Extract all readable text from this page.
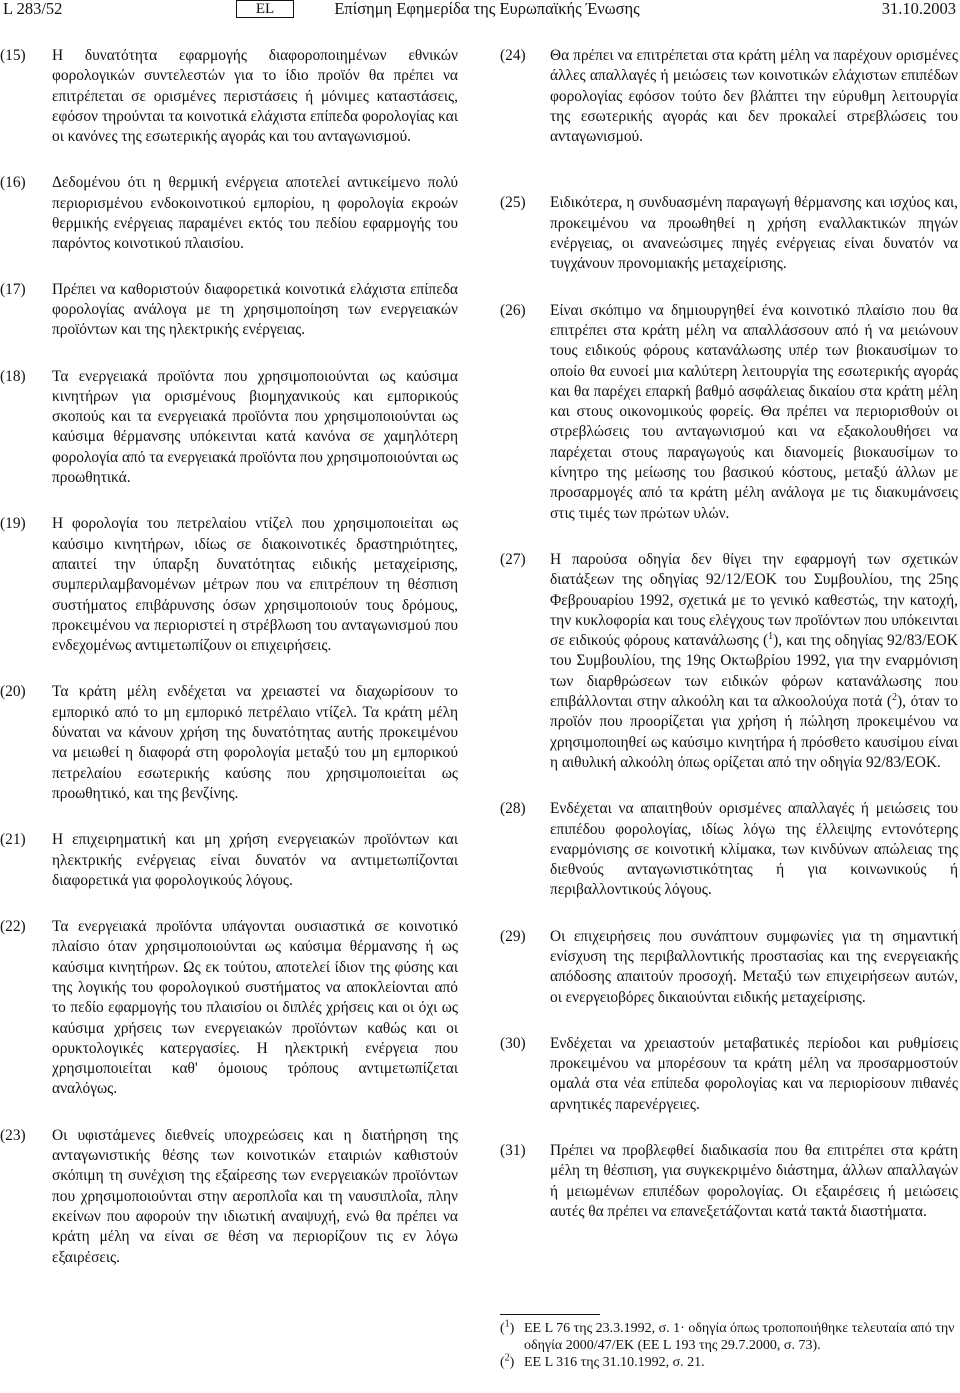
L 283/52	EL	Επίσημη Εφημερίδα της Ευρωπαϊκής Ένωσης	31.10.2003
(15)	Η δυνατότητα εφαρμογής διαφοροποιημένων εθνικών φορολογικών συντελεστών για το ίδιο προϊόν θα πρέπει να επιτρέπεται σε ορισμένες περιστάσεις ή μόνιμες καταστάσεις, εφόσον τηρούνται τα κοινοτικά ελάχιστα επίπεδα φορολογίας και οι κανόνες της εσωτερικής αγοράς και του ανταγωνισμού.
(16)	Δεδομένου ότι η θερμική ενέργεια αποτελεί αντικείμενο πολύ περιορισμένου ενδοκοινοτικού εμπορίου, η φορολογία εκροών θερμικής ενέργειας παραμένει εκτός του πεδίου εφαρμογής του παρόντος κοινοτικού πλαισίου.
(17)	Πρέπει να καθοριστούν διαφορετικά κοινοτικά ελάχιστα επίπεδα φορολογίας ανάλογα με τη χρησιμοποίηση των ενεργειακών προϊόντων και της ηλεκτρικής ενέργειας.
(18)	Τα ενεργειακά προϊόντα που χρησιμοποιούνται ως καύσιμα κινητήρων για ορισμένους βιομηχανικούς και εμπορικούς σκοπούς και τα ενεργειακά προϊόντα που χρησιμοποιούνται ως καύσιμα θέρμανσης υπόκεινται κατά κανόνα σε χαμηλότερη φορολογία από τα ενεργειακά προϊόντα που χρησιμοποιούνται ως προωθητικά.
(19)	Η φορολογία του πετρελαίου ντίζελ που χρησιμοποιείται ως καύσιμο κινητήρων, ιδίως σε διακοινοτικές δραστηριότητες, απαιτεί την ύπαρξη δυνατότητας ειδικής μεταχείρισης, συμπεριλαμβανομένων μέτρων που να επιτρέπουν τη θέσπιση συστήματος επιβάρυνσης όσων χρησιμοποιούν τους δρόμους, προκειμένου να περιοριστεί η στρέβλωση του ανταγωνισμού που ενδεχομένως αντιμετωπίζουν οι επιχειρήσεις.
(20)	Τα κράτη μέλη ενδέχεται να χρειαστεί να διαχωρίσουν το εμπορικό από το μη εμπορικό πετρέλαιο ντίζελ. Τα κράτη μέλη δύναται να κάνουν χρήση της δυνατότητας αυτής προκειμένου να μειωθεί η διαφορά στη φορολογία μεταξύ του μη εμπορικού πετρελαίου εσωτερικής καύσης που χρησιμοποιείται ως προωθητικό, και της βενζίνης.
(21)	Η επιχειρηματική και μη χρήση ενεργειακών προϊόντων και ηλεκτρικής ενέργειας είναι δυνατόν να αντιμετωπίζονται διαφορετικά για φορολογικούς λόγους.
(22)	Τα ενεργειακά προϊόντα υπάγονται ουσιαστικά σε κοινοτικό πλαίσιο όταν χρησιμοποιούνται ως καύσιμα θέρμανσης ή ως καύσιμα κινητήρων. Ως εκ τούτου, αποτελεί ίδιον της φύσης και της λογικής του φορολογικού συστήματος να αποκλείονται από το πεδίο εφαρμογής του πλαισίου οι διπλές χρήσεις και οι όχι ως καύσιμα χρήσεις των ενεργειακών προϊόντων καθώς και οι ορυκτολογικές κατεργασίες. Η ηλεκτρική ενέργεια που χρησιμοποιείται καθ' όμοιους τρόπους αντιμετωπίζεται αναλόγως.
(23)	Οι υφιστάμενες διεθνείς υποχρεώσεις και η διατήρηση της ανταγωνιστικής θέσης των κοινοτικών εταιριών καθιστούν σκόπιμη τη συνέχιση της εξαίρεσης των ενεργειακών προϊόντων που χρησιμοποιούνται στην αεροπλοΐα και τη ναυσιπλοΐα, πλην εκείνων που αφορούν την ιδιωτική αναψυχή, ενώ θα πρέπει να κράτη μέλη να είναι σε θέση να περιορίζουν τις εν λόγω εξαιρέσεις.
(24)	Θα πρέπει να επιτρέπεται στα κράτη μέλη να παρέχουν ορισμένες άλλες απαλλαγές ή μειώσεις των κοινοτικών ελάχιστων επιπέδων φορολογίας εφόσον τούτο δεν βλάπτει την εύρυθμη λειτουργία της εσωτερικής αγοράς και δεν προκαλεί στρεβλώσεις του ανταγωνισμού.
(25)	Ειδικότερα, η συνδυασμένη παραγωγή θέρμανσης και ισχύος και, προκειμένου να προωθηθεί η χρήση εναλλακτικών πηγών ενέργειας, οι ανανεώσιμες πηγές ενέργειας είναι δυνατόν να τυγχάνουν προνομιακής μεταχείρισης.
(26)	Είναι σκόπιμο να δημιουργηθεί ένα κοινοτικό πλαίσιο που θα επιτρέπει στα κράτη μέλη να απαλλάσσουν από ή να μειώνουν τους ειδικούς φόρους κατανάλωσης υπέρ των βιοκαυσίμων το οποίο θα ευνοεί μια καλύτερη λειτουργία της εσωτερικής αγοράς και θα παρέχει επαρκή βαθμό ασφάλειας δικαίου στα κράτη μέλη και στους οικονομικούς φορείς. Θα πρέπει να περιορισθούν οι στρεβλώσεις του ανταγωνισμού και να εξακολουθήσει να παρέχεται στους παραγωγούς και διανομείς βιοκαυσίμων το κίνητρο της μείωσης του βασικού κόστους, μεταξύ άλλων με προσαρμογές από τα κράτη μέλη ανάλογα με τις διακυμάνσεις στις τιμές των πρώτων υλών.
(27)	Η παρούσα οδηγία δεν θίγει την εφαρμογή των σχετικών διατάξεων της οδηγίας 92/12/ΕΟΚ του Συμβουλίου, της 25ης Φεβρουαρίου 1992, σχετικά με το γενικό καθεστώς, την κατοχή, την κυκλοφορία και τους ελέγχους των προϊόντων που υπόκεινται σε ειδικούς φόρους κατανάλωσης ($^1$), και της οδηγίας 92/83/ΕΟΚ του Συμβουλίου, της 19ης Οκτωβρίου 1992, για την εναρμόνιση των διαρθρώσεων των ειδικών φόρων κατανάλωσης που επιβάλλονται στην αλκοόλη και τα αλκοολούχα ποτά ($^2$), όταν το προϊόν που προορίζεται για χρήση ή πώληση προκειμένου να χρησιμοποιηθεί ως καύσιμο κινητήρα ή πρόσθετο καυσίμου είναι η αιθυλική αλκοόλη όπως ορίζεται από την οδηγία 92/83/ΕΟΚ.
(28)	Ενδέχεται να απαιτηθούν ορισμένες απαλλαγές ή μειώσεις του επιπέδου φορολογίας, ιδίως λόγω της έλλειψης εντονότερης εναρμόνισης σε κοινοτική κλίμακα, των κινδύνων απώλειας της διεθνούς ανταγωνιστικότητας ή για κοινωνικούς ή περιβαλλοντικούς λόγους.
(29)	Οι επιχειρήσεις που συνάπτουν συμφωνίες για τη σημαντική ενίσχυση της περιβαλλοντικής προστασίας και της ενεργειακής απόδοσης απαιτούν προσοχή. Μεταξύ των επιχειρήσεων αυτών, οι ενεργειοβόρες δικαιούνται ειδικής μεταχείρισης.
(30)	Ενδέχεται να χρειαστούν μεταβατικές περίοδοι και ρυθμίσεις προκειμένου να μπορέσουν τα κράτη μέλη να προσαρμοστούν ομαλά στα νέα επίπεδα φορολογίας και να περιορίσουν πιθανές αρνητικές παρενέργειες.
(31)	Πρέπει να προβλεφθεί διαδικασία που θα επιτρέπει στα κράτη μέλη τη θέσπιση, για συγκεκριμένο διάστημα, άλλων απαλλαγών ή μειωμένων επιπέδων φορολογίας. Οι εξαιρέσεις ή μειώσεις αυτές θα πρέπει να επανεξετάζονται κατά τακτά διαστήματα.
($^1$) ΕΕ L 76 της 23.3.1992, σ. 1· οδηγία όπως τροποποιήθηκε τελευταία από την οδηγία 2000/47/ΕΚ (ΕΕ L 193 της 29.7.2000, σ. 73).
($^2$) ΕΕ L 316 της 31.10.1992, σ. 21.
